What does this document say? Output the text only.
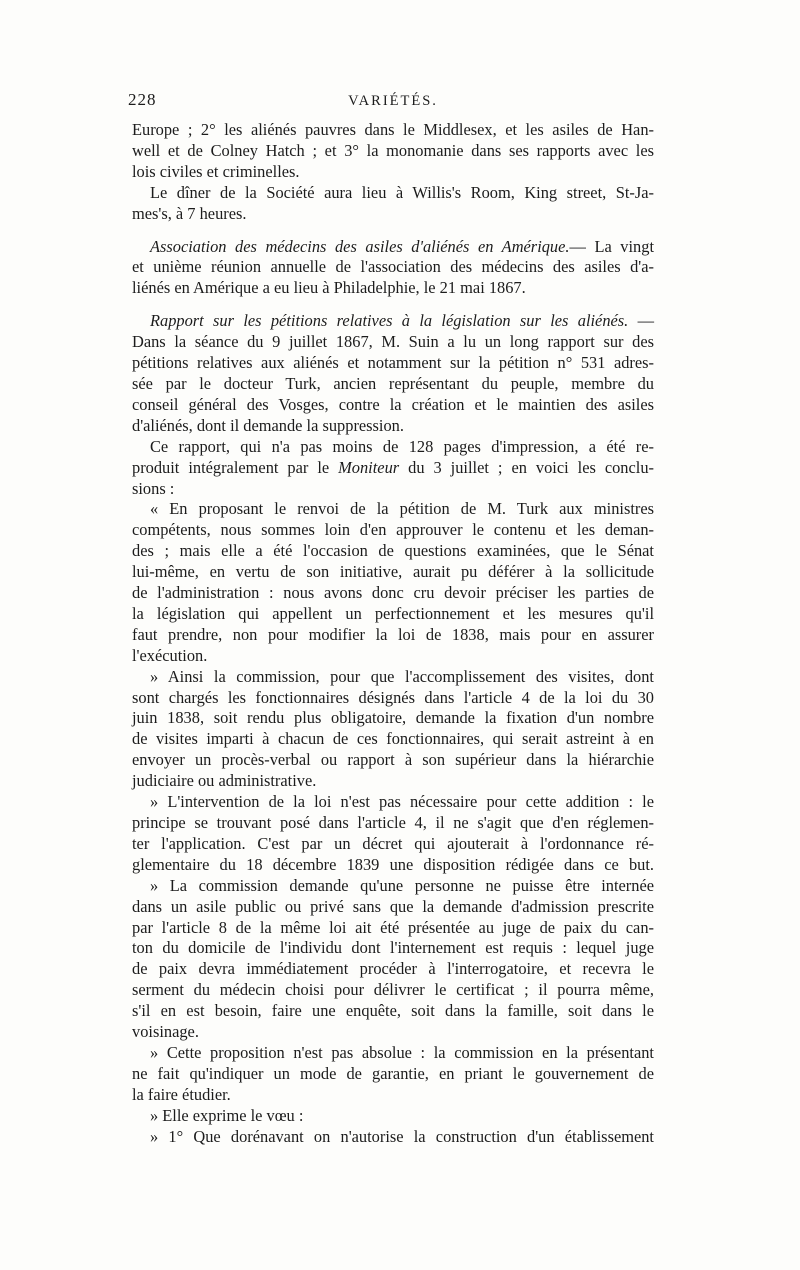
228	VARIÉTÉS.

Europe ; 2° les aliénés pauvres dans le Middlesex, et les asiles de Han-
well et de Colney Hatch ; et 3° la monomanie dans ses rapports avec les
lois civiles et criminelles.

Le dîner de la Société aura lieu à Willis's Room, King street, St-Ja-
mes's, à 7 heures.

Association des médecins des asiles d'aliénés en Amérique.— La vingt
et unième réunion annuelle de l'association des médecins des asiles d'a-
liénés en Amérique a eu lieu à Philadelphie, le 21 mai 1867.

Rapport sur les pétitions relatives à la législation sur les aliénés. —
Dans la séance du 9 juillet 1867, M. Suin a lu un long rapport sur des
pétitions relatives aux aliénés et notamment sur la pétition n° 531 adres-
sée par le docteur Turk, ancien représentant du peuple, membre du
conseil général des Vosges, contre la création et le maintien des asiles
d'aliénés, dont il demande la suppression.

Ce rapport, qui n'a pas moins de 128 pages d'impression, a été re-
produit intégralement par le Moniteur du 3 juillet ; en voici les conclu-
sions :

« En proposant le renvoi de la pétition de M. Turk aux ministres
compétents, nous sommes loin d'en approuver le contenu et les deman-
des ; mais elle a été l'occasion de questions examinées, que le Sénat
lui-même, en vertu de son initiative, aurait pu déférer à la sollicitude
de l'administration : nous avons donc cru devoir préciser les parties de
la législation qui appellent un perfectionnement et les mesures qu'il
faut prendre, non pour modifier la loi de 1838, mais pour en assurer
l'exécution.

» Ainsi la commission, pour que l'accomplissement des visites, dont
sont chargés les fonctionnaires désignés dans l'article 4 de la loi du 30
juin 1838, soit rendu plus obligatoire, demande la fixation d'un nombre
de visites imparti à chacun de ces fonctionnaires, qui serait astreint à en
envoyer un procès-verbal ou rapport à son supérieur dans la hiérarchie
judiciaire ou administrative.

» L'intervention de la loi n'est pas nécessaire pour cette addition : le
principe se trouvant posé dans l'article 4, il ne s'agit que d'en réglemen-
ter l'application. C'est par un décret qui ajouterait à l'ordonnance ré-
glementaire du 18 décembre 1839 une disposition rédigée dans ce but.

» La commission demande qu'une personne ne puisse être internée
dans un asile public ou privé sans que la demande d'admission prescrite
par l'article 8 de la même loi ait été présentée au juge de paix du can-
ton du domicile de l'individu dont l'internement est requis : lequel juge
de paix devra immédiatement procéder à l'interrogatoire, et recevra le
serment du médecin choisi pour délivrer le certificat ; il pourra même,
s'il en est besoin, faire une enquête, soit dans la famille, soit dans le
voisinage.

» Cette proposition n'est pas absolue : la commission en la présentant
ne fait qu'indiquer un mode de garantie, en priant le gouvernement de
la faire étudier.

» Elle exprime le vœu :

» 1° Que dorénavant on n'autorise la construction d'un établissement
